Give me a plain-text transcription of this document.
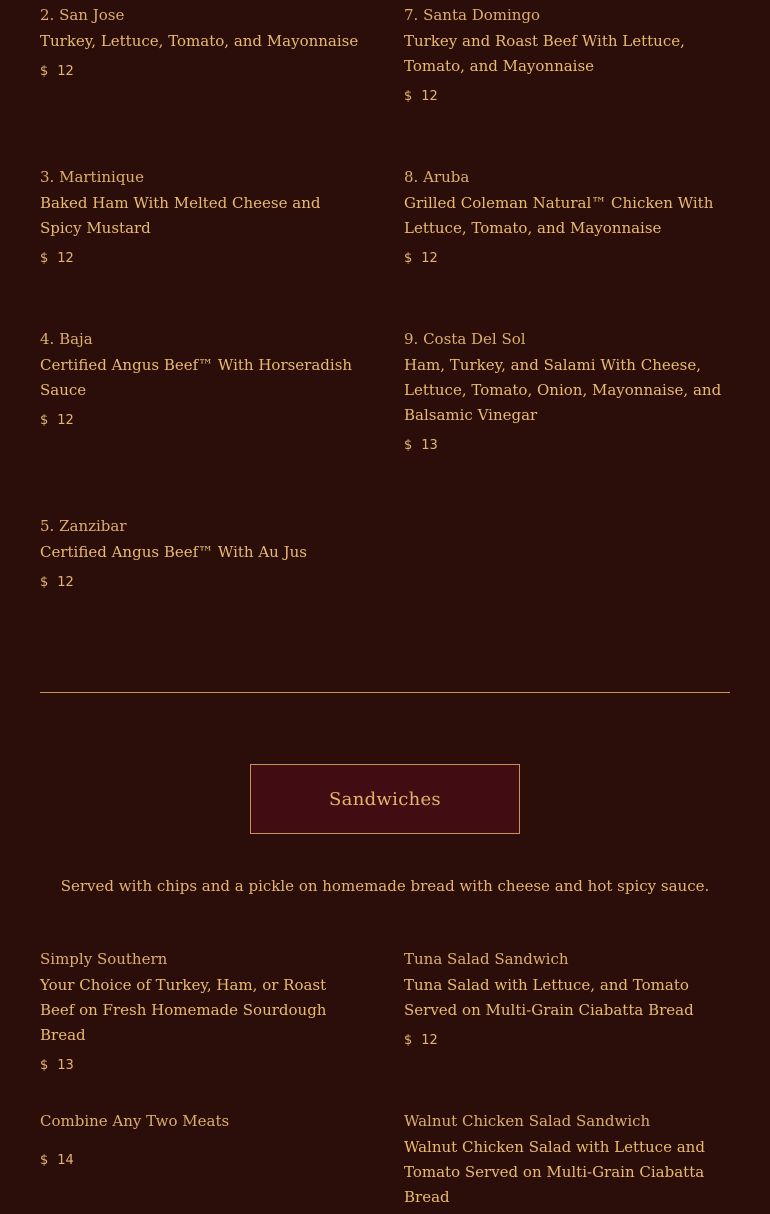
2. San Jose

Turkey, Lettuce, Tomato, and Mayonnaise

$ 12

3. Martinique

Baked Ham With Melted Cheese and Spicy Mustard

$ 12

4. Baja

Certified Angus Beef™ With Horseradish Sauce

$ 12

5. Zanzibar

Certified Angus Beef™ With Au Jus

$ 12

7. Santa Domingo

Turkey and Roast Beef With Lettuce, Tomato, and Mayonnaise

$ 12

8. Aruba

Grilled Coleman Natural™ Chicken With Lettuce, Tomato, and Mayonnaise

$ 12

9. Costa Del Sol

Ham, Turkey, and Salami With Cheese, Lettuce, Tomato, Onion, Mayonnaise, and Balsamic Vinegar

$ 13
Sandwiches
Served with chips and a pickle on homemade bread with cheese and hot spicy sauce.

Simply Southern

Your Choice of Turkey, Ham, or Roast Beef on Fresh Homemade Sourdough Bread

$ 13

Tuna Salad Sandwich

Tuna Salad with Lettuce, and Tomato Served on Multi-Grain Ciabatta Bread

$ 12

Combine Any Two Meats

$ 14

Walnut Chicken Salad Sandwich

Walnut Chicken Salad with Lettuce and Tomato Served on Multi-Grain Ciabatta Bread
